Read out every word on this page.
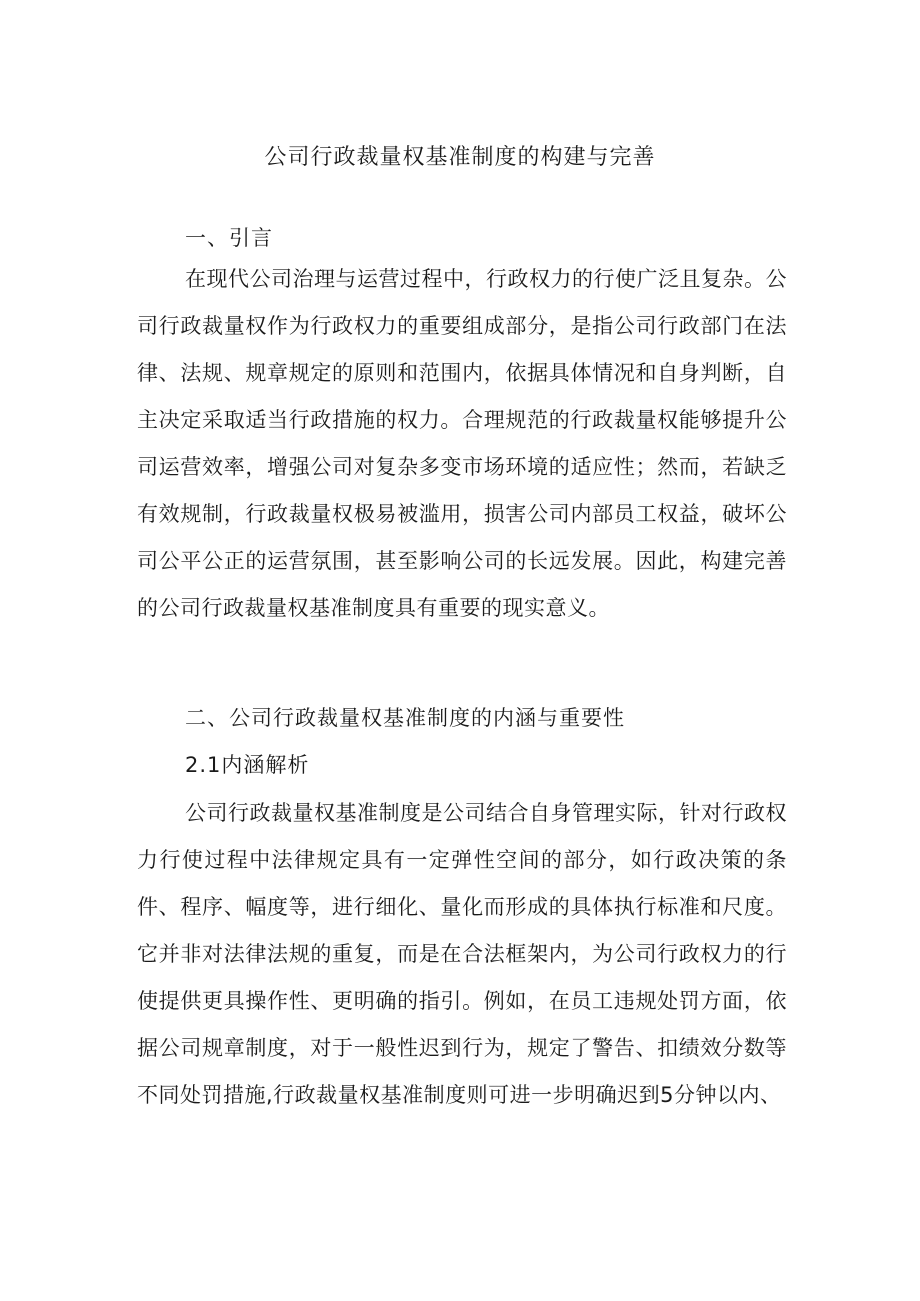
公司行政裁量权基准制度的构建与完善
一、引言

在现代公司治理与运营过程中，行政权力的行使广泛且复杂。公司行政裁量权作为行政权力的重要组成部分，是指公司行政部门在法律、法规、规章规定的原则和范围内，依据具体情况和自身判断，自主决定采取适当行政措施的权力。合理规范的行政裁量权能够提升公司运营效率，增强公司对复杂多变市场环境的适应性；然而，若缺乏有效规制，行政裁量权极易被滥用，损害公司内部员工权益，破坏公司公平公正的运营氛围，甚至影响公司的长远发展。因此，构建完善的公司行政裁量权基准制度具有重要的现实意义。

二、公司行政裁量权基准制度的内涵与重要性
2.1内涵解析

公司行政裁量权基准制度是公司结合自身管理实际，针对行政权力行使过程中法律规定具有一定弹性空间的部分，如行政决策的条件、程序、幅度等，进行细化、量化而形成的具体执行标准和尺度。它并非对法律法规的重复，而是在合法框架内，为公司行政权力的行使提供更具操作性、更明确的指引。例如，在员工违规处罚方面，依据公司规章制度，对于一般性迟到行为，规定了警告、扣绩效分数等不同处罚措施,行政裁量权基准制度则可进一步明确迟到5分钟以内、
